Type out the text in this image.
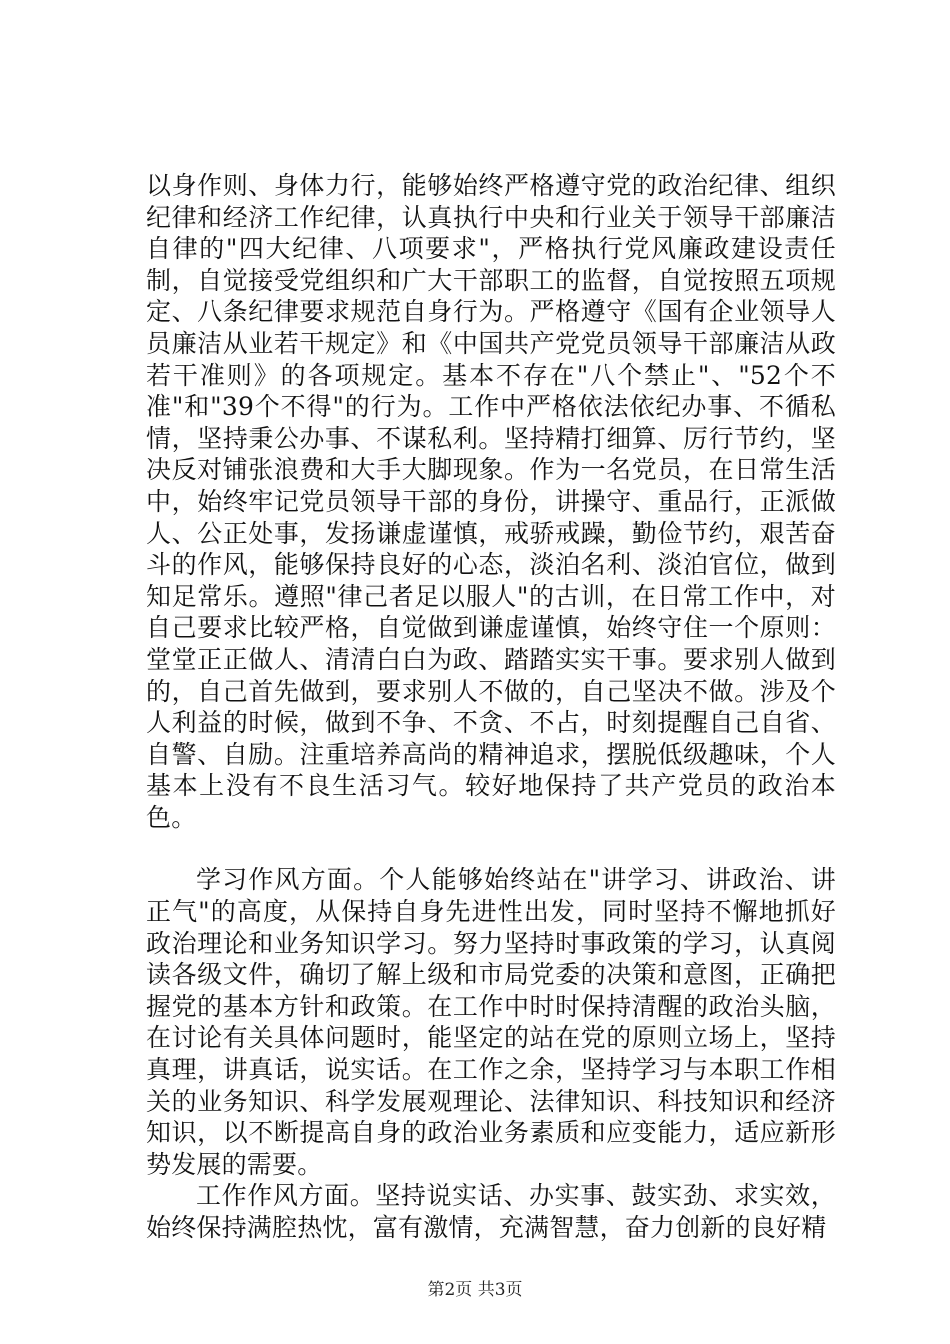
以身作则、身体力行，能够始终严格遵守党的政治纪律、组织纪律和经济工作纪律，认真执行中央和行业关于领导干部廉洁自律的"四大纪律、八项要求"，严格执行党风廉政建设责任制，自觉接受党组织和广大干部职工的监督，自觉按照五项规定、八条纪律要求规范自身行为。严格遵守《国有企业领导人员廉洁从业若干规定》和《中国共产党党员领导干部廉洁从政若干准则》的各项规定。基本不存在"八个禁止"、"52个不准"和"39个不得"的行为。工作中严格依法依纪办事、不循私情，坚持秉公办事、不谋私利。坚持精打细算、厉行节约，坚决反对铺张浪费和大手大脚现象。作为一名党员，在日常生活中，始终牢记党员领导干部的身份，讲操守、重品行，正派做人、公正处事，发扬谦虚谨慎，戒骄戒躁，勤俭节约，艰苦奋斗的作风，能够保持良好的心态，淡泊名利、淡泊官位，做到知足常乐。遵照"律己者足以服人"的古训，在日常工作中，对自己要求比较严格，自觉做到谦虚谨慎，始终守住一个原则：堂堂正正做人、清清白白为政、踏踏实实干事。要求别人做到的，自己首先做到，要求别人不做的，自己坚决不做。涉及个人利益的时候，做到不争、不贪、不占，时刻提醒自己自省、自警、自励。注重培养高尚的精神追求，摆脱低级趣味，个人基本上没有不良生活习气。较好地保持了共产党员的政治本色。

学习作风方面。个人能够始终站在"讲学习、讲政治、讲正气"的高度，从保持自身先进性出发，同时坚持不懈地抓好政治理论和业务知识学习。努力坚持时事政策的学习，认真阅读各级文件，确切了解上级和市局党委的决策和意图，正确把握党的基本方针和政策。在工作中时时保持清醒的政治头脑，在讨论有关具体问题时，能坚定的站在党的原则立场上，坚持真理，讲真话，说实话。在工作之余，坚持学习与本职工作相关的业务知识、科学发展观理论、法律知识、科技知识和经济知识，以不断提高自身的政治业务素质和应变能力，适应新形势发展的需要。

工作作风方面。坚持说实话、办实事、鼓实劲、求实效，始终保持满腔热忱，富有激情，充满智慧，奋力创新的良好精

第2页 共3页
